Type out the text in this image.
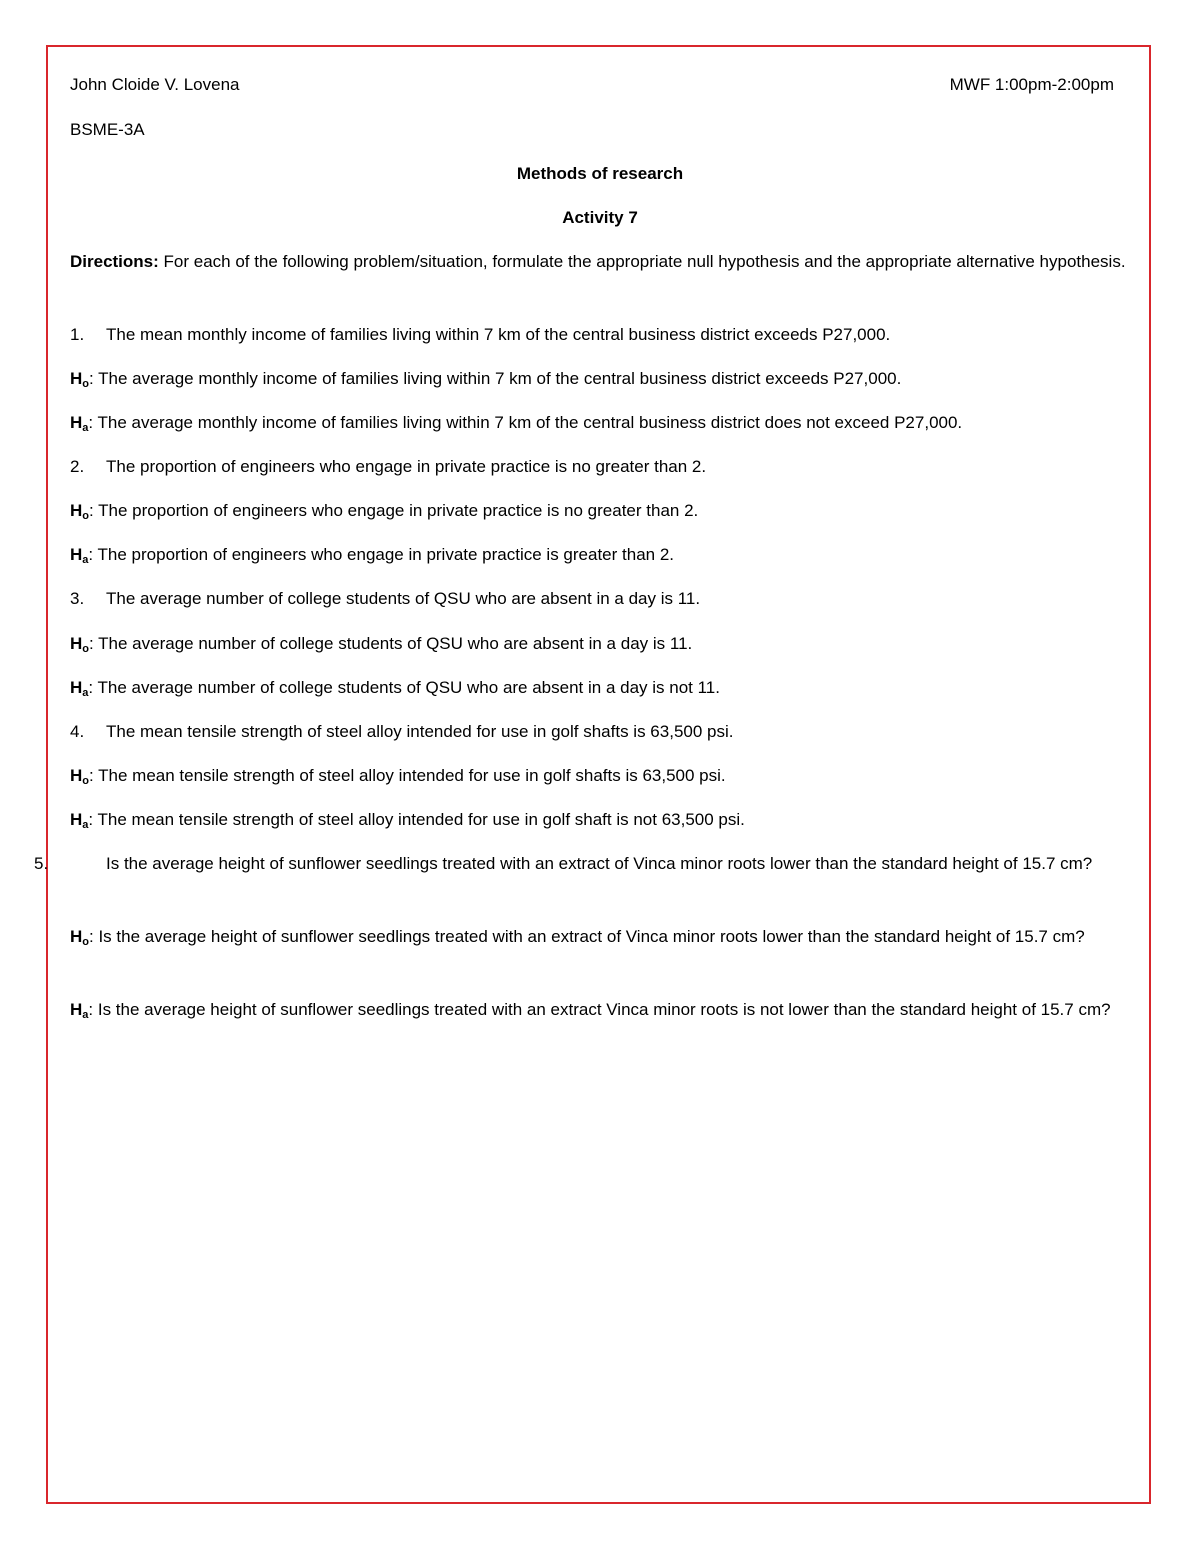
John Cloide V. Lovena	MWF 1:00pm-2:00pm
BSME-3A
Methods of research
Activity 7
Directions: For each of the following problem/situation, formulate the appropriate null hypothesis and the appropriate alternative hypothesis.
1. The mean monthly income of families living within 7 km of the central business district exceeds P27,000.
$H_o$: The average monthly income of families living within 7 km of the central business district exceeds P27,000.
$H_a$: The average monthly income of families living within 7 km of the central business district does not exceed P27,000.
2. The proportion of engineers who engage in private practice is no greater than 2.
$H_o$: The proportion of engineers who engage in private practice is no greater than 2.
$H_a$: The proportion of engineers who engage in private practice is greater than 2.
3. The average number of college students of QSU who are absent in a day is 11.
$H_o$: The average number of college students of QSU who are absent in a day is 11.
$H_a$: The average number of college students of QSU who are absent in a day is not 11.
4. The mean tensile strength of steel alloy intended for use in golf shafts is 63,500 psi.
$H_o$: The mean tensile strength of steel alloy intended for use in golf shafts is 63,500 psi.
$H_a$: The mean tensile strength of steel alloy intended for use in golf shaft is not 63,500 psi.
5.	Is the average height of sunflower seedlings treated with an extract of Vinca minor roots lower than the standard height of 15.7 cm?
$H_o$: Is the average height of sunflower seedlings treated with an extract of Vinca minor roots lower than the standard height of 15.7 cm?
$H_a$: Is the average height of sunflower seedlings treated with an extract Vinca minor roots is not lower than the standard height of 15.7 cm?
